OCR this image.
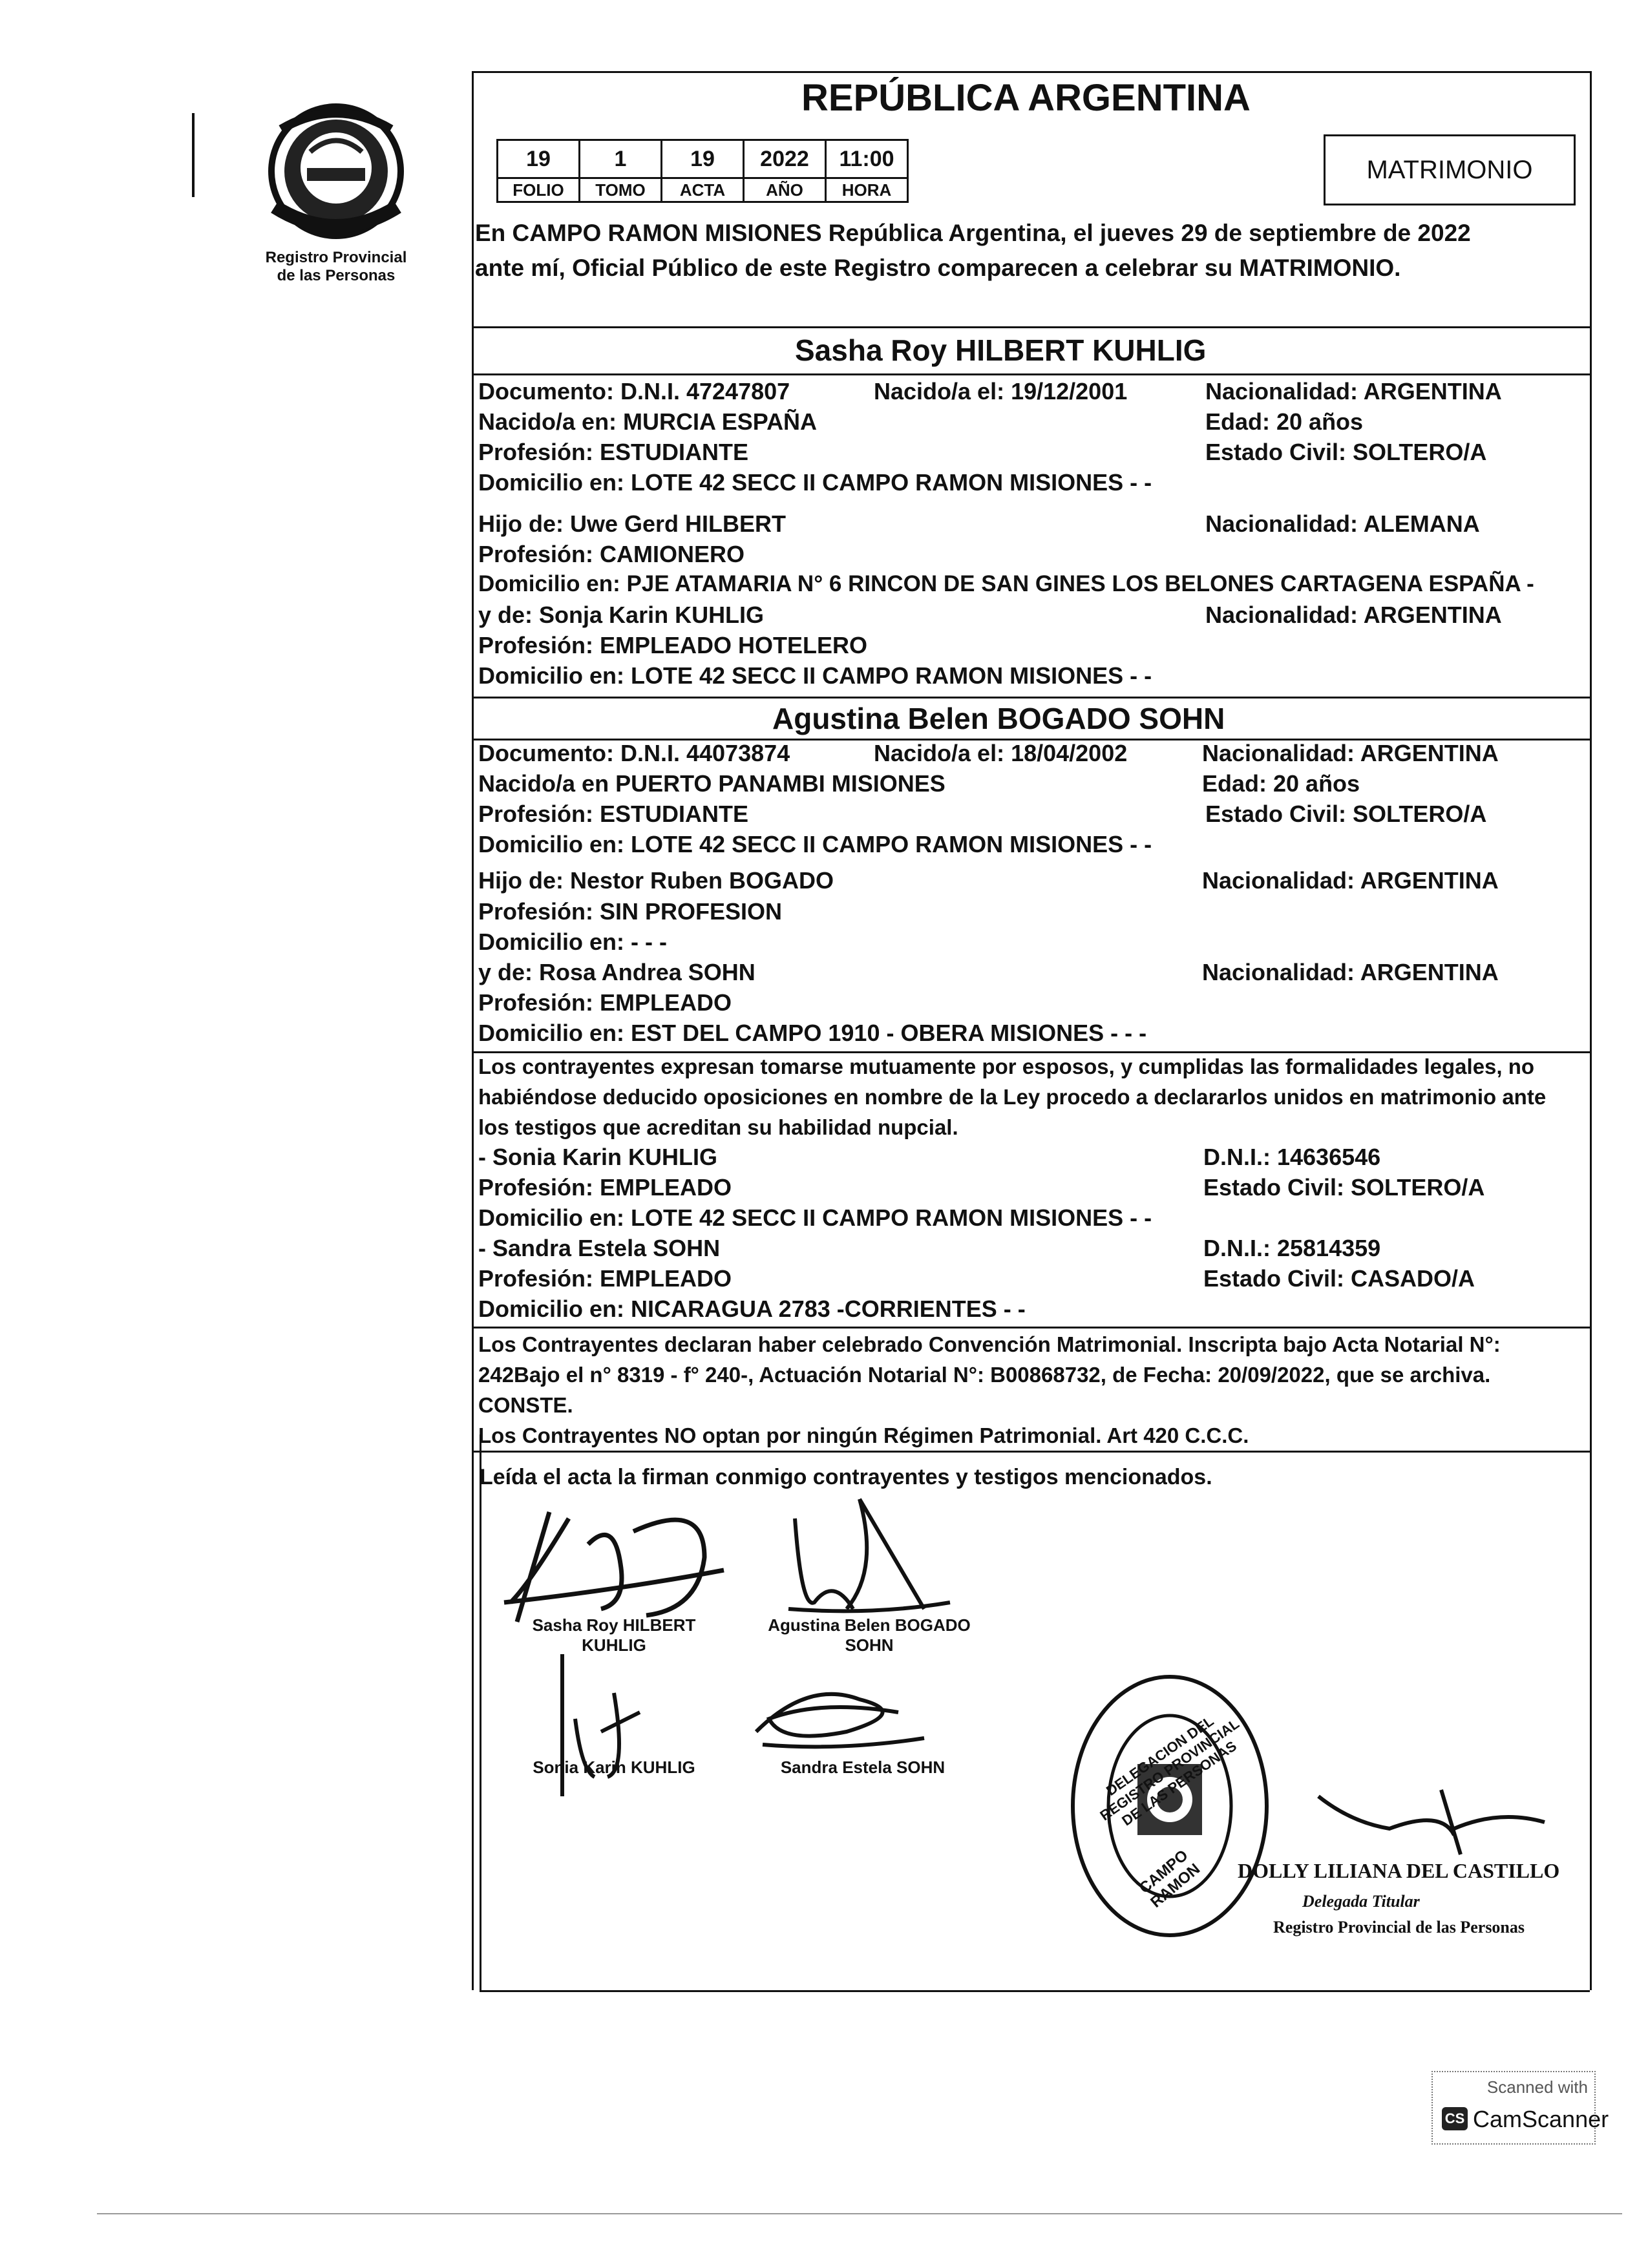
Registro Provincial
de las Personas
REPÚBLICA ARGENTINA
19	1	19	2022	11:00
FOLIO	TOMO	ACTA	AÑO	HORA
MATRIMONIO
En CAMPO RAMON MISIONES República Argentina, el jueves 29 de septiembre de 2022
ante mí, Oficial Público de este Registro comparecen a celebrar su MATRIMONIO.
Sasha Roy HILBERT KUHLIG
Documento: D.N.I. 47247807	Nacido/a el: 19/12/2001	Nacionalidad: ARGENTINA
Nacido/a en: MURCIA ESPAÑA	Edad: 20 años
Profesión: ESTUDIANTE	Estado Civil: SOLTERO/A
Domicilio en: LOTE 42 SECC II CAMPO RAMON MISIONES - -
Hijo de: Uwe Gerd HILBERT	Nacionalidad: ALEMANA
Profesión: CAMIONERO
Domicilio en: PJE ATAMARIA N° 6 RINCON DE SAN GINES LOS BELONES CARTAGENA ESPAÑA -
y de: Sonja Karin KUHLIG	Nacionalidad: ARGENTINA
Profesión: EMPLEADO HOTELERO
Domicilio en: LOTE 42 SECC II CAMPO RAMON MISIONES - -
Agustina Belen BOGADO SOHN
Documento: D.N.I. 44073874	Nacido/a el: 18/04/2002	Nacionalidad: ARGENTINA
Nacido/a en PUERTO PANAMBI MISIONES	Edad: 20 años
Profesión: ESTUDIANTE	Estado Civil: SOLTERO/A
Domicilio en: LOTE 42 SECC II CAMPO RAMON MISIONES - -
Hijo de: Nestor Ruben BOGADO	Nacionalidad: ARGENTINA
Profesión: SIN PROFESION
Domicilio en: - - -
y de: Rosa Andrea SOHN	Nacionalidad: ARGENTINA
Profesión: EMPLEADO
Domicilio en: EST DEL CAMPO 1910 - OBERA MISIONES - - -
Los contrayentes expresan tomarse mutuamente por esposos, y cumplidas las formalidades legales, no
habiéndose deducido oposiciones en nombre de la Ley procedo a declararlos unidos en matrimonio ante
los testigos que acreditan su habilidad nupcial.
- Sonia Karin KUHLIG	D.N.I.: 14636546
Profesión: EMPLEADO	Estado Civil: SOLTERO/A
Domicilio en: LOTE 42 SECC II CAMPO RAMON MISIONES - -
- Sandra Estela SOHN	D.N.I.: 25814359
Profesión: EMPLEADO	Estado Civil: CASADO/A
Domicilio en: NICARAGUA 2783 -CORRIENTES - -
Los Contrayentes declaran haber celebrado Convención Matrimonial. Inscripta bajo Acta Notarial N°:
242Bajo el n° 8319 - f° 240-, Actuación Notarial N°: B00868732, de Fecha: 20/09/2022, que se archiva.
CONSTE.
Los Contrayentes NO optan por ningún Régimen Patrimonial. Art 420 C.C.C.
Leída el acta la firman conmigo contrayentes y testigos mencionados.
Sasha Roy HILBERT
KUHLIG
Agustina Belen BOGADO
SOHN
Sonia Karin KUHLIG	Sandra Estela SOHN	DELEGACION DEL REGISTRO PROVINCIAL DE LAS PERSONAS
CAMPO RAMON	DOLLY LILIANA DEL CASTILLO
Delegada Titular
Registro Provincial de las Personas
Scanned with
CS CamScanner
